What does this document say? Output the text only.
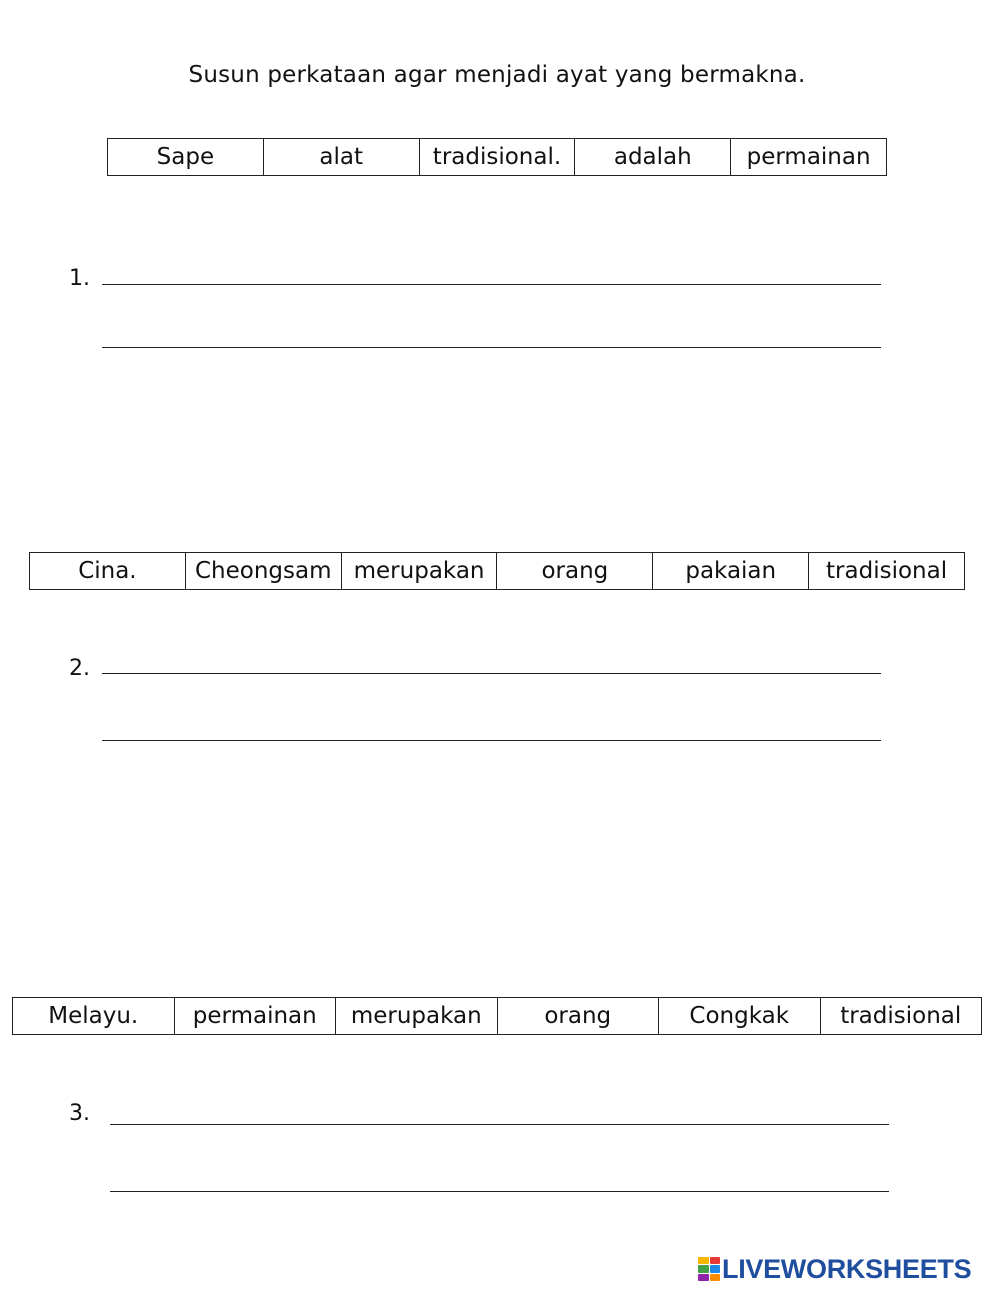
Susun perkataan agar menjadi ayat yang bermakna.
Sape	alat	tradisional.	adalah	permainan
1.
Cina.	Cheongsam	merupakan	orang	pakaian	tradisional
2.
Melayu.	permainan	merupakan	orang	Congkak	tradisional
3.
LIVEWORKSHEETS
